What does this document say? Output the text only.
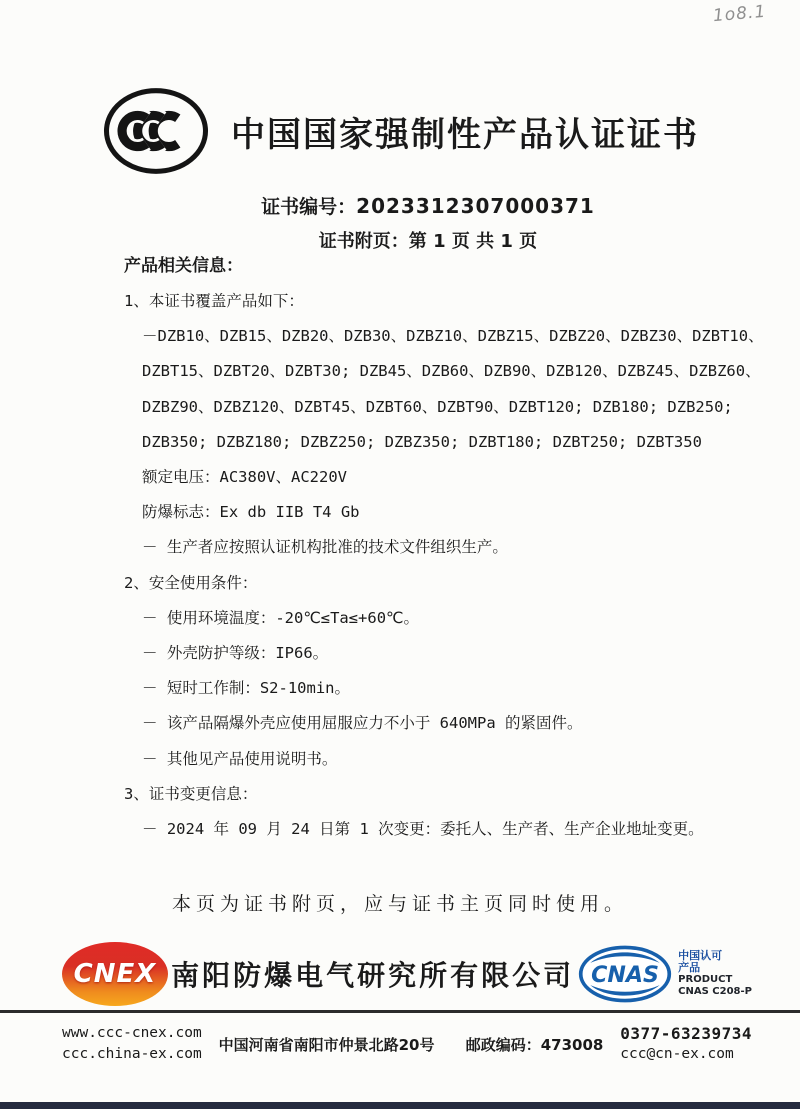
1o8.1
中国国家强制性产品认证证书
证书编号：2023312307000371
证书附页：第 1 页 共 1 页
产品相关信息：
1、本证书覆盖产品如下：
－DZB10、DZB15、DZB20、DZB30、DZBZ10、DZBZ15、DZBZ20、DZBZ30、DZBT10、
DZBT15、DZBT20、DZBT30; DZB45、DZB60、DZB90、DZB120、DZBZ45、DZBZ60、
DZBZ90、DZBZ120、DZBT45、DZBT60、DZBT90、DZBT120; DZB180; DZB250;
DZB350; DZBZ180; DZBZ250; DZBZ350; DZBT180; DZBT250; DZBT350
额定电压：AC380V、AC220V
防爆标志：Ex db IIB T4 Gb
－ 生产者应按照认证机构批准的技术文件组织生产。
2、安全使用条件：
－ 使用环境温度：-20℃≤Ta≤+60℃。
－ 外壳防护等级：IP66。
－ 短时工作制：S2-10min。
－ 该产品隔爆外壳应使用屈服应力不小于 640MPa 的紧固件。
－ 其他见产品使用说明书。
3、证书变更信息：
－ 2024 年 09 月 24 日第 1 次变更：委托人、生产者、生产企业地址变更。
本页为证书附页，应与证书主页同时使用。
CNEX 南阳防爆电气研究所有限公司 CNAS
中国认可
产品
PRODUCT
CNAS C208-P
www.ccc-cnex.com
ccc.china-ex.com
中国河南省南阳市仲景北路20号 邮政编码：473008
0377-63239734
ccc@cn-ex.com
